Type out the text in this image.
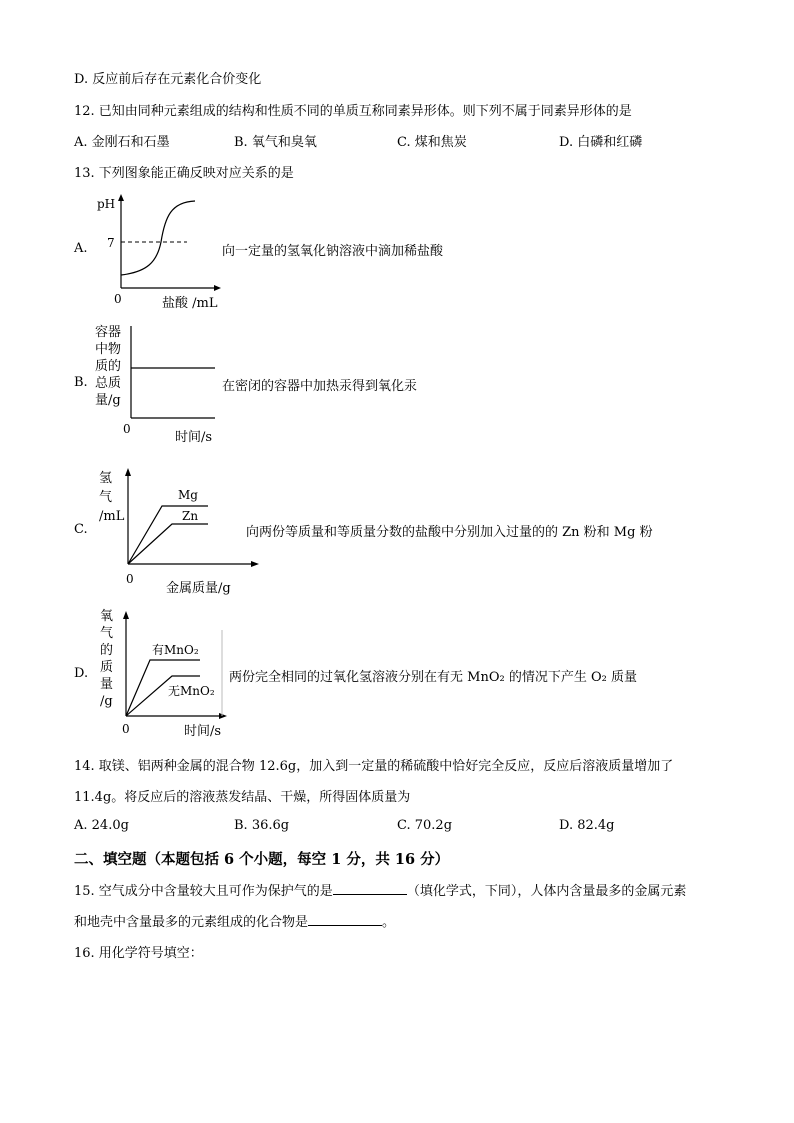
D. 反应前后存在元素化合价变化
12. 已知由同种元素组成的结构和性质不同的单质互称同素异形体。则下列不属于同素异形体的是
A. 金刚石和石墨	B. 氧气和臭氧	C. 煤和焦炭	D. 白磷和红磷
13. 下列图象能正确反映对应关系的是
A.
pH
7
0	盐酸 /mL
向一定量的氢氧化钠溶液中滴加稀盐酸
B.
容器
中物
质的
总质
量/g
0
时间/s
在密闭的容器中加热汞得到氧化汞
C.
氢
气
/mL
Mg
Zn
0
金属质量/g
向两份等质量和等质量分数的盐酸中分别加入过量的的 Zn 粉和 Mg 粉
D.
氧
气
的
质
量
/g
有MnO₂
无MnO₂
0	时间/s
两份完全相同的过氧化氢溶液分别在有无 MnO₂ 的情况下产生 O₂ 质量
14. 取镁、铝两种金属的混合物 12.6g，加入到一定量的稀硫酸中恰好完全反应，反应后溶液质量增加了
11.4g。将反应后的溶液蒸发结晶、干燥，所得固体质量为
A. 24.0g	B. 36.6g	C. 70.2g	D. 82.4g
二、填空题（本题包括 6 个小题，每空 1 分，共 16 分）
15. 空气成分中含量较大且可作为保护气的是	（填化学式，下同），人体内含量最多的金属元素
和地壳中含量最多的元素组成的化合物是	。
16. 用化学符号填空：
